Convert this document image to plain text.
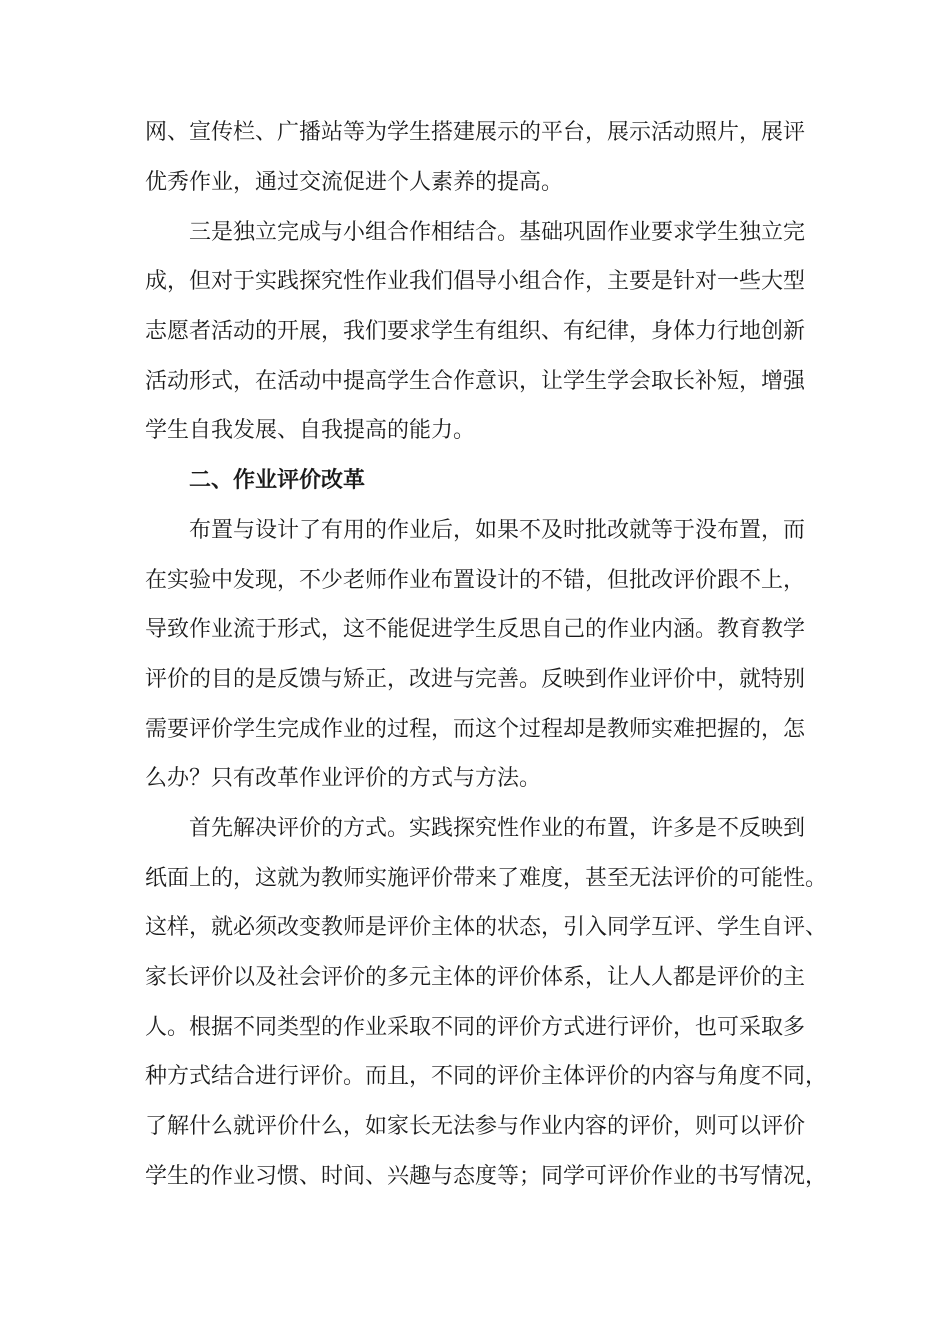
网、宣传栏、广播站等为学生搭建展示的平台，展示活动照片，展评
优秀作业，通过交流促进个人素养的提高。
三是独立完成与小组合作相结合。基础巩固作业要求学生独立完
成，但对于实践探究性作业我们倡导小组合作，主要是针对一些大型
志愿者活动的开展，我们要求学生有组织、有纪律，身体力行地创新
活动形式，在活动中提高学生合作意识，让学生学会取长补短，增强
学生自我发展、自我提高的能力。
二、作业评价改革
布置与设计了有用的作业后，如果不及时批改就等于没布置，而
在实验中发现，不少老师作业布置设计的不错，但批改评价跟不上，
导致作业流于形式，这不能促进学生反思自己的作业内涵。教育教学
评价的目的是反馈与矫正，改进与完善。反映到作业评价中，就特别
需要评价学生完成作业的过程，而这个过程却是教师实难把握的，怎
么办？只有改革作业评价的方式与方法。
首先解决评价的方式。实践探究性作业的布置，许多是不反映到
纸面上的，这就为教师实施评价带来了难度，甚至无法评价的可能性。
这样，就必须改变教师是评价主体的状态，引入同学互评、学生自评、
家长评价以及社会评价的多元主体的评价体系，让人人都是评价的主
人。根据不同类型的作业采取不同的评价方式进行评价，也可采取多
种方式结合进行评价。而且，不同的评价主体评价的内容与角度不同，
了解什么就评价什么，如家长无法参与作业内容的评价，则可以评价
学生的作业习惯、时间、兴趣与态度等；同学可评价作业的书写情况，
